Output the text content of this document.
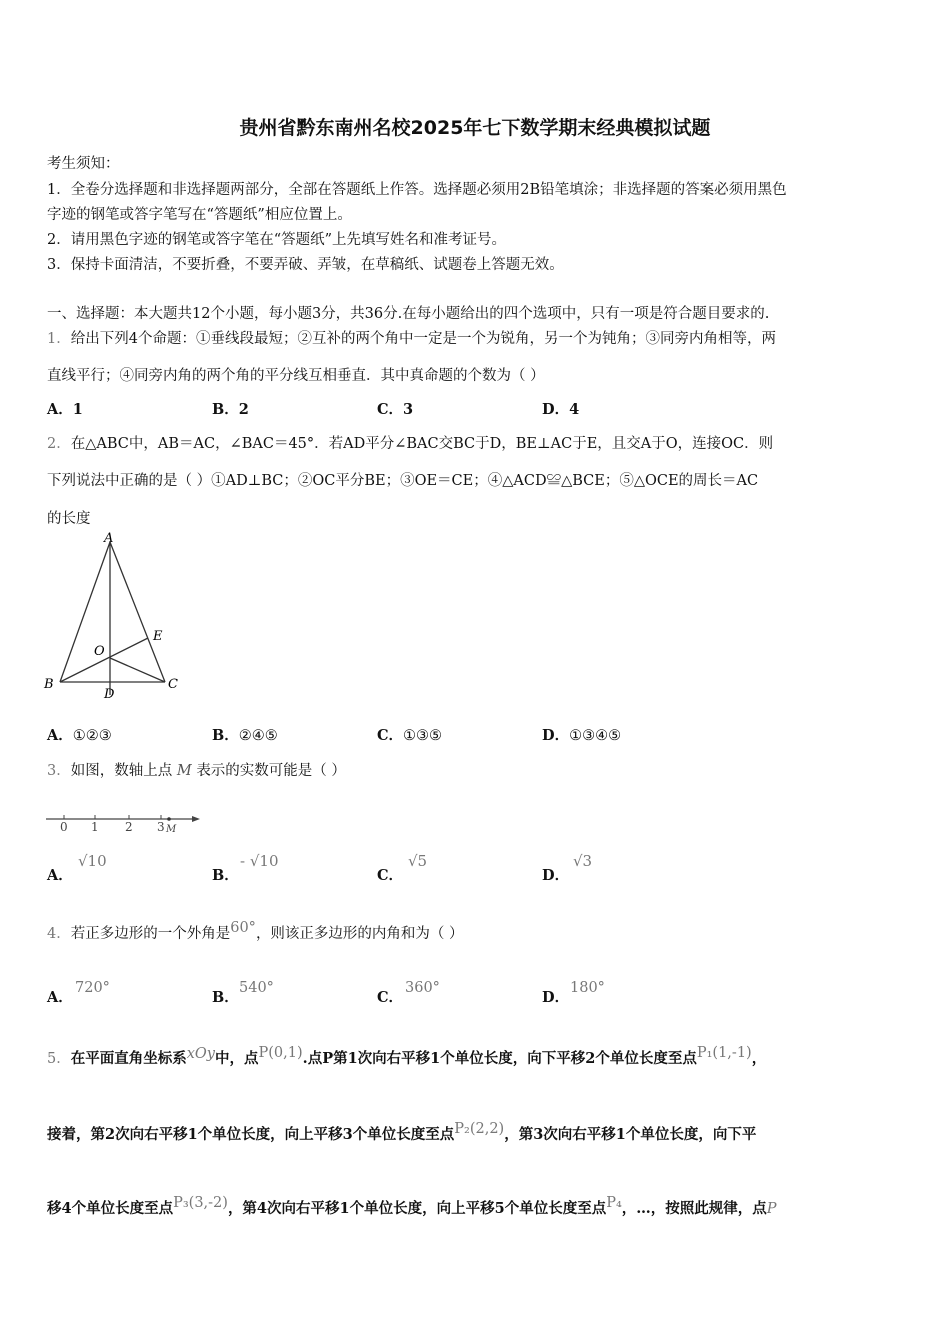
贵州省黔东南州名校2025年七下数学期末经典模拟试题
考生须知：
1．全卷分选择题和非选择题两部分，全部在答题纸上作答。选择题必须用2B铅笔填涂；非选择题的答案必须用黑色
字迹的钢笔或答字笔写在“答题纸”相应位置上。
2．请用黑色字迹的钢笔或答字笔在“答题纸”上先填写姓名和准考证号。
3．保持卡面清洁，不要折叠，不要弄破、弄皱，在草稿纸、试题卷上答题无效。
一、选择题：本大题共12个小题，每小题3分，共36分.在每小题给出的四个选项中，只有一项是符合题目要求的.
1．给出下列4个命题：①垂线段最短；②互补的两个角中一定是一个为锐角，另一个为钝角；③同旁内角相等，两
直线平行；④同旁内角的两个角的平分线互相垂直．其中真命题的个数为（ ）
A．1	B．2	C．3	D．4
2．在△ABC中，AB＝AC，∠BAC＝45°．若AD平分∠BAC交BC于D，BE⊥AC于E，且交A于O，连接OC．则
下列说法中正确的是（ ）①AD⊥BC；②OC平分BE；③OE＝CE；④△ACD≌△BCE；⑤△OCE的周长＝AC
的长度
A
B	C
D
E
O
A．①②③	B．②④⑤	C．①③⑤	D．①③④⑤
3．如图，数轴上点 M 表示的实数可能是（ ）
0 1 2 3 M
A．
√10
B．
- √10
C．
√5
D．
√3
4．若正多边形的一个外角是60°，则该正多边形的内角和为（ ）
A．
720°
B．
540°
C．
360°
D．
180°
5．在平面直角坐标系xOy中，点P(0,1).点P第1次向右平移1个单位长度，向下平移2个单位长度至点P₁(1,-1)，
接着，第2次向右平移1个单位长度，向上平移3个单位长度至点P₂(2,2)，第3次向右平移1个单位长度，向下平
移4个单位长度至点P₃(3,-2)，第4次向右平移1个单位长度，向上平移5个单位长度至点P₄，…，按照此规律，点P
